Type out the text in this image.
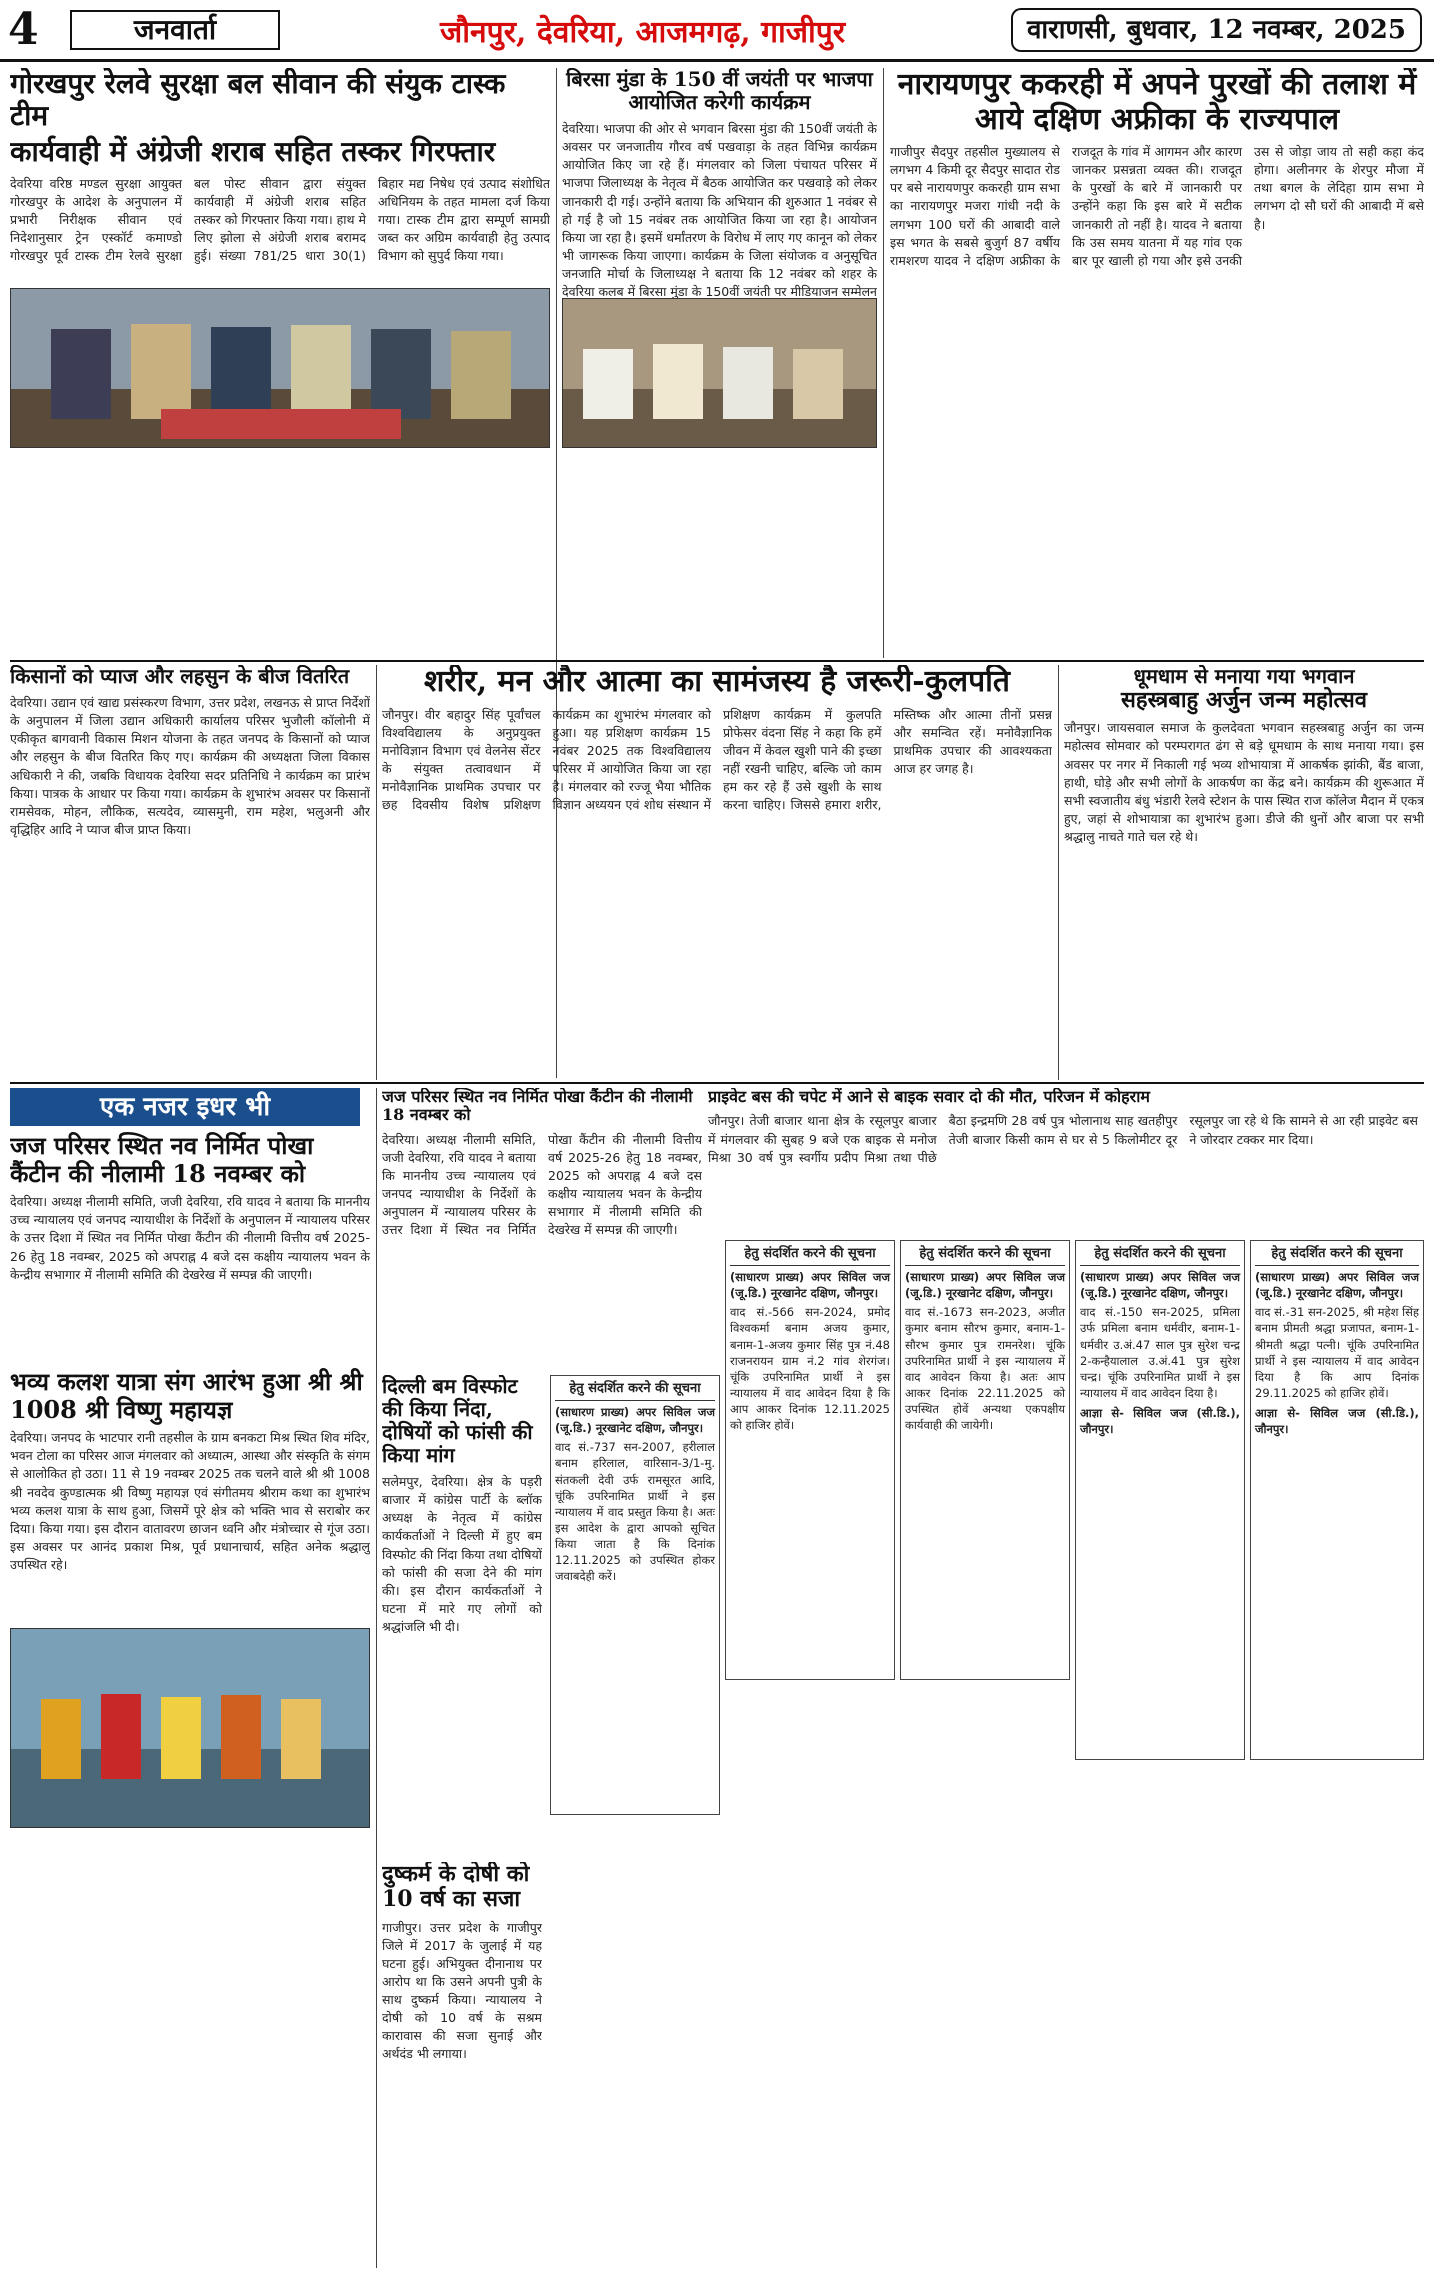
4	जनवार्ता	जौनपुर, देवरिया, आजमगढ़, गाजीपुर	वाराणसी, बुधवार, 12 नवम्बर, 2025
गोरखपुर रेलवे सुरक्षा बल सीवान की संयुक टास्क टीम
कार्यवाही में अंग्रेजी शराब सहित तस्कर गिरफ्तार
देवरिया वरिष्ठ मण्डल सुरक्षा आयुक्त गोरखपुर के आदेश के अनुपालन में प्रभारी निरीक्षक सीवान एवं निदेशानुसार ट्रेन एस्कॉर्ट कमाण्डो गोरखपुर पूर्व टास्क टीम रेलवे सुरक्षा बल पोस्ट सीवान द्वारा संयुक्त कार्यवाही में अंग्रेजी शराब सहित तस्कर को गिरफ्तार किया गया। हाथ मे लिए झोला से अंग्रेजी शराब बरामद हुई। संख्या 781/25 धारा 30(1) बिहार मद्य निषेध एवं उत्पाद संशोधित अधिनियम के तहत मामला दर्ज किया गया। टास्क टीम द्वारा सम्पूर्ण सामग्री जब्त कर अग्रिम कार्यवाही हेतु उत्पाद विभाग को सुपुर्द किया गया।
बिरसा मुंडा के 150 वीं जयंती पर भाजपा आयोजित करेगी कार्यक्रम
देवरिया। भाजपा की ओर से भगवान बिरसा मुंडा की 150वीं जयंती के अवसर पर जनजातीय गौरव वर्ष पखवाड़ा के तहत विभिन्न कार्यक्रम आयोजित किए जा रहे हैं। मंगलवार को जिला पंचायत परिसर में भाजपा जिलाध्यक्ष के नेतृत्व में बैठक आयोजित कर पखवाड़े को लेकर जानकारी दी गई। उन्होंने बताया कि अभियान की शुरुआत 1 नवंबर से हो गई है जो 15 नवंबर तक आयोजित किया जा रहा है। आयोजन किया जा रहा है। इसमें धर्मांतरण के विरोध में लाए गए कानून को लेकर भी जागरूक किया जाएगा। कार्यक्रम के जिला संयोजक व अनुसूचित जनजाति मोर्चा के जिलाध्यक्ष ने बताया कि 12 नवंबर को शहर के देवरिया कलब में बिरसा मुंडा के 150वीं जयंती पर मीडियाजन सम्मेलन
नारायणपुर ककरही में अपने पुरखों की तलाश में आये दक्षिण अफ्रीका के राज्यपाल
गाजीपुर सैदपुर तहसील मुख्यालय से लगभग 4 किमी दूर सैदपुर सादात रोड पर बसे नारायणपुर ककरही ग्राम सभा का नारायणपुर मजरा गांधी नदी के लगभग 100 घरों की आबादी वाले इस भगत के सबसे बुजुर्ग 87 वर्षीय रामशरण यादव ने दक्षिण अफ्रीका के राजदूत के गांव में आगमन और कारण जानकर प्रसन्नता व्यक्त की। राजदूत के पुरखों के बारे में जानकारी पर उन्होंने कहा कि इस बारे में सटीक जानकारी तो नहीं है। यादव ने बताया कि उस समय यातना में यह गांव एक बार पूर खाली हो गया और इसे उनकी उस से जोड़ा जाय तो सही कहा कंद होगा। अलीनगर के शेरपुर मौजा में तथा बगल के लेदिहा ग्राम सभा मे लगभग दो सौ घरों की आबादी में बसे है।
किसानों को प्याज और लहसुन के बीज वितरित
देवरिया। उद्यान एवं खाद्य प्रसंस्करण विभाग, उत्तर प्रदेश, लखनऊ से प्राप्त निर्देशों के अनुपालन में जिला उद्यान अधिकारी कार्यालय परिसर भुजौली कॉलोनी में एकीकृत बागवानी विकास मिशन योजना के तहत जनपद के किसानों को प्याज और लहसुन के बीज वितरित किए गए। कार्यक्रम की अध्यक्षता जिला विकास अधिकारी ने की, जबकि विधायक देवरिया सदर प्रतिनिधि ने कार्यक्रम का प्रारंभ किया। पात्रक के आधार पर किया गया। कार्यक्रम के शुभारंभ अवसर पर किसानों रामसेवक, मोहन, लौकिक, सत्यदेव, व्यासमुनी, राम महेश, भलुअनी और वृद्धिहिर आदि ने प्याज बीज प्राप्त किया।
शरीर, मन और आत्मा का सामंजस्य है जरूरी-कुलपति
जौनपुर। वीर बहादुर सिंह पूर्वांचल विश्वविद्यालय के अनुप्रयुक्त मनोविज्ञान विभाग एवं वेलनेस सेंटर के संयुक्त तत्वावधान में मनोवैज्ञानिक प्राथमिक उपचार पर छह दिवसीय विशेष प्रशिक्षण कार्यक्रम का शुभारंभ मंगलवार को हुआ। यह प्रशिक्षण कार्यक्रम 15 नवंबर 2025 तक विश्वविद्यालय परिसर में आयोजित किया जा रहा है। मंगलवार को रज्जू भैया भौतिक विज्ञान अध्ययन एवं शोध संस्थान में प्रशिक्षण कार्यक्रम में कुलपति प्रोफेसर वंदना सिंह ने कहा कि हमें जीवन में केवल खुशी पाने की इच्छा नहीं रखनी चाहिए, बल्कि जो काम हम कर रहे हैं उसे खुशी के साथ करना चाहिए। जिससे हमारा शरीर, मस्तिष्क और आत्मा तीनों प्रसन्न और समन्वित रहें। मनोवैज्ञानिक प्राथमिक उपचार की आवश्यकता आज हर जगह है।
धूमधाम से मनाया गया भगवान
सहस्त्रबाहु अर्जुन जन्म महोत्सव
जौनपुर। जायसवाल समाज के कुलदेवता भगवान सहस्त्रबाहु अर्जुन का जन्म महोत्सव सोमवार को परम्परागत ढंग से बड़े धूमधाम के साथ मनाया गया। इस अवसर पर नगर में निकाली गई भव्य शोभायात्रा में आकर्षक झांकी, बैंड बाजा, हाथी, घोड़े और सभी लोगों के आकर्षण का केंद्र बने। कार्यक्रम की शुरूआत में सभी स्वजातीय बंधु भंडारी रेलवे स्टेशन के पास स्थित राज कॉलेज मैदान में एकत्र हुए, जहां से शोभायात्रा का शुभारंभ हुआ। डीजे की धुनों और बाजा पर सभी श्रद्धालु नाचते गाते चल रहे थे।
एक नजर इधर भी
जज परिसर स्थित नव निर्मित पोखा कैंटीन की नीलामी 18 नवम्बर को
देवरिया। अध्यक्ष नीलामी समिति, जजी देवरिया, रवि यादव ने बताया कि माननीय उच्च न्यायालय एवं जनपद न्यायाधीश के निर्देशों के अनुपालन में न्यायालय परिसर के उत्तर दिशा में स्थित नव निर्मित पोखा कैंटीन की नीलामी वित्तीय वर्ष 2025-26 हेतु 18 नवम्बर, 2025 को अपराह्न 4 बजे दस कक्षीय न्यायालय भवन के केन्द्रीय सभागार में नीलामी समिति की देखरेख में सम्पन्न की जाएगी।
भव्य कलश यात्रा संग आरंभ हुआ श्री श्री 1008 श्री विष्णु महायज्ञ
देवरिया। जनपद के भाटपार रानी तहसील के ग्राम बनकटा मिश्र स्थित शिव मंदिर, भवन टोला का परिसर आज मंगलवार को अध्यात्म, आस्था और संस्कृति के संगम से आलोकित हो उठा। 11 से 19 नवम्बर 2025 तक चलने वाले श्री श्री 1008 श्री नवदेव कुण्डात्मक श्री विष्णु महायज्ञ एवं संगीतमय श्रीराम कथा का शुभारंभ भव्य कलश यात्रा के साथ हुआ, जिसमें पूरे क्षेत्र को भक्ति भाव से सराबोर कर दिया। किया गया। इस दौरान वातावरण छाजन ध्वनि और मंत्रोच्चार से गूंज उठा। इस अवसर पर आनंद प्रकाश मिश्र, पूर्व प्रधानाचार्य, सहित अनेक श्रद्धालु उपस्थित रहे।
जज परिसर स्थित नव निर्मित पोखा कैंटीन की नीलामी 18 नवम्बर को
देवरिया। अध्यक्ष नीलामी समिति, जजी देवरिया, रवि यादव ने बताया कि माननीय उच्च न्यायालय एवं जनपद न्यायाधीश के निर्देशों के अनुपालन में न्यायालय परिसर के उत्तर दिशा में स्थित नव निर्मित पोखा कैंटीन की नीलामी वित्तीय वर्ष 2025-26 हेतु 18 नवम्बर, 2025 को अपराह्न 4 बजे दस कक्षीय न्यायालय भवन के केन्द्रीय सभागार में नीलामी समिति की देखरेख में सम्पन्न की जाएगी।
दिल्ली बम विस्फोट की किया निंदा, दोषियों को फांसी की किया मांग
सलेमपुर, देवरिया। क्षेत्र के पड़री बाजार में कांग्रेस पार्टी के ब्लॉक अध्यक्ष के नेतृत्व में कांग्रेस कार्यकर्ताओं ने दिल्ली में हुए बम विस्फोट की निंदा किया तथा दोषियों को फांसी की सजा देने की मांग की। इस दौरान कार्यकर्ताओं ने घटना में मारे गए लोगों को श्रद्धांजलि भी दी।
दुष्कर्म के दोषी को 10 वर्ष का सजा
गाजीपुर। उत्तर प्रदेश के गाजीपुर जिले में 2017 के जुलाई में यह घटना हुई। अभियुक्त दीनानाथ पर आरोप था कि उसने अपनी पुत्री के साथ दुष्कर्म किया। न्यायालय ने दोषी को 10 वर्ष के सश्रम कारावास की सजा सुनाई और अर्थदंड भी लगाया।
प्राइवेट बस की चपेट में आने से बाइक सवार दो की मौत, परिजन में कोहराम
जौनपुर। तेजी बाजार थाना क्षेत्र के रसूलपुर बाजार में मंगलवार की सुबह 9 बजे एक बाइक से मनोज मिश्रा 30 वर्ष पुत्र स्वर्गीय प्रदीप मिश्रा तथा पीछे बैठा इन्द्रमणि 28 वर्ष पुत्र भोलानाथ साह खतहीपुर तेजी बाजार किसी काम से घर से 5 किलोमीटर दूर रसूलपुर जा रहे थे कि सामने से आ रही प्राइवेट बस ने जोरदार टक्कर मार दिया।
हेतु संदर्शित करने की सूचना
(साधारण प्राख्य) अपर सिविल जज (जू.डि.) नूरखानेट दक्षिण, जौनपुर।
वाद सं.-737 सन-2007, हरीलाल बनाम हरिलाल, वारिसान-3/1-मु. संतकली देवी उर्फ रामसूरत आदि, चूंकि उपरिनामित प्रार्थी ने इस न्यायालय में वाद प्रस्तुत किया है। अतः इस आदेश के द्वारा आपको सूचित किया जाता है कि दिनांक 12.11.2025 को उपस्थित होकर जवाबदेही करें।
हेतु संदर्शित करने की सूचना
(साधारण प्राख्य) अपर सिविल जज (जू.डि.) नूरखानेट दक्षिण, जौनपुर।
वाद सं.-566 सन-2024, प्रमोद विश्वकर्मा बनाम अजय कुमार, बनाम-1-अजय कुमार सिंह पुत्र नं.48 राजनरायन ग्राम नं.2 गांव शेरगंज। चूंकि उपरिनामित प्रार्थी ने इस न्यायालय में वाद आवेदन दिया है कि आप आकर दिनांक 12.11.2025 को हाजिर होवें।
हेतु संदर्शित करने की सूचना
(साधारण प्राख्य) अपर सिविल जज (जू.डि.) नूरखानेट दक्षिण, जौनपुर।
वाद सं.-1673 सन-2023, अजीत कुमार बनाम सौरभ कुमार, बनाम-1-सौरभ कुमार पुत्र रामनरेश। चूंकि उपरिनामित प्रार्थी ने इस न्यायालय में वाद आवेदन किया है। अतः आप आकर दिनांक 22.11.2025 को उपस्थित होवें अन्यथा एकपक्षीय कार्यवाही की जायेगी।
हेतु संदर्शित करने की सूचना
(साधारण प्राख्य) अपर सिविल जज (जू.डि.) नूरखानेट दक्षिण, जौनपुर।
वाद सं.-150 सन-2025, प्रमिला उर्फ प्रमिला बनाम धर्मवीर, बनाम-1-धर्मवीर उ.अं.47 साल पुत्र सुरेश चन्द्र 2-कन्हैयालाल उ.अं.41 पुत्र सुरेश चन्द्र। चूंकि उपरिनामित प्रार्थी ने इस न्यायालय में वाद आवेदन दिया है।
आज्ञा से- सिविल जज (सी.डि.), जौनपुर।
हेतु संदर्शित करने की सूचना
(साधारण प्राख्य) अपर सिविल जज (जू.डि.) नूरखानेट दक्षिण, जौनपुर।
वाद सं.-31 सन-2025, श्री महेश सिंह बनाम प्रीमती श्रद्धा प्रजापत, बनाम-1-श्रीमती श्रद्धा पत्नी। चूंकि उपरिनामित प्रार्थी ने इस न्यायालय में वाद आवेदन दिया है कि आप दिनांक 29.11.2025 को हाजिर होवें।
आज्ञा से- सिविल जज (सी.डि.), जौनपुर।
